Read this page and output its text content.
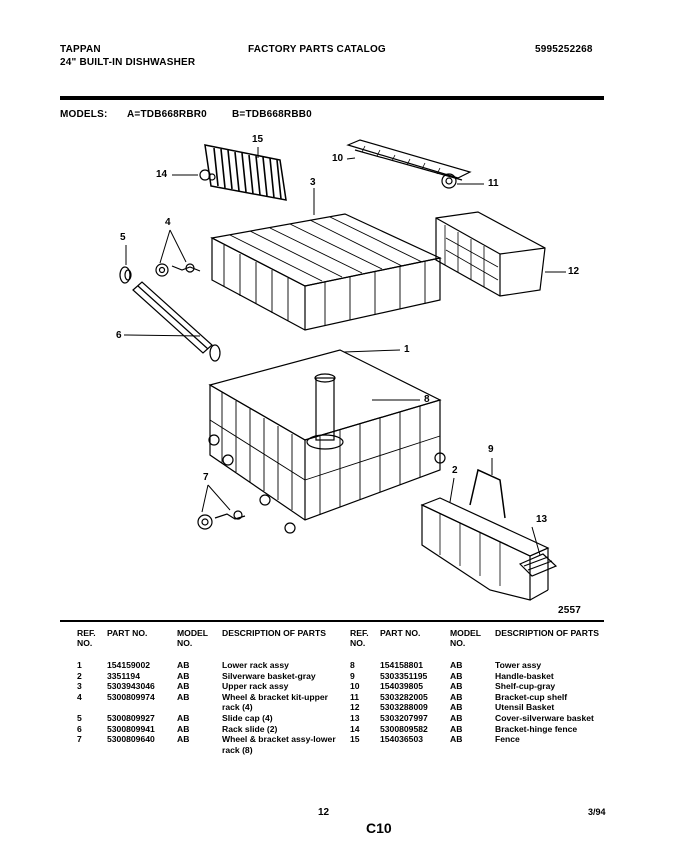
TAPPAN
24" BUILT-IN DISHWASHER
FACTORY PARTS CATALOG	5995252268
MODELS: A=TDB668RBR0	B=TDB668RBB0
15
14
10
11
3
4
5
12
6
1
8
9
2
7
13
2557
REF. NO.	PART NO.	MODEL NO.	DESCRIPTION OF PARTS
1	154159002	AB	Lower rack assy
2	3351194	AB	Silverware basket-gray
3	5303943046	AB	Upper rack assy
4	5300809974	AB	Wheel & bracket kit-upper rack (4)
5	5300809927	AB	Slide cap (4)
6	5300809941	AB	Rack slide (2)
7	5300809640	AB	Wheel & bracket assy-lower rack (8)
REF. NO.	PART NO.	MODEL NO.	DESCRIPTION OF PARTS
8	154158801	AB	Tower assy
9	5303351195	AB	Handle-basket
10	154039805	AB	Shelf-cup-gray
11	5303282005	AB	Bracket-cup shelf
12	5303288009	AB	Utensil Basket
13	5303207997	AB	Cover-silverware basket
14	5300809582	AB	Bracket-hinge fence
15	154036503	AB	Fence
12
C10
3/94
